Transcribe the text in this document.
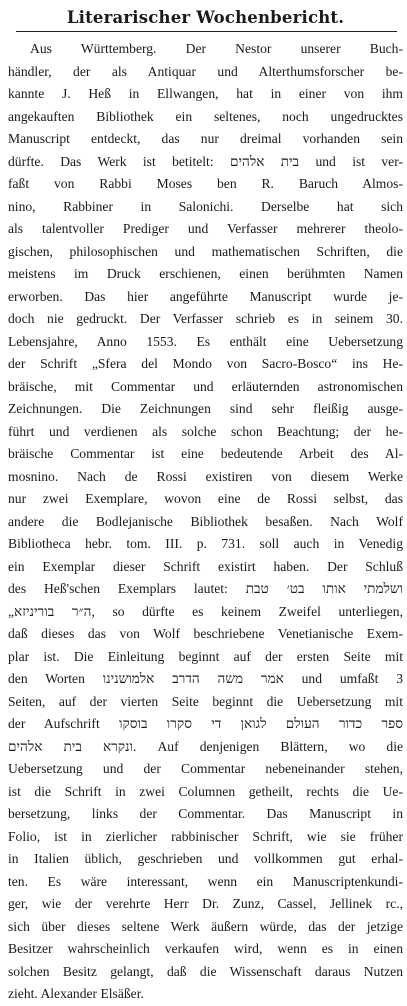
Literarischer Wochenbericht.
Aus Württemberg. Der Nestor unserer Buch-
händler, der als Antiquar und Alterthumsforscher be-
kannte J. Heß in Ellwangen, hat in einer von ihm
angekauften Bibliothek ein seltenes, noch ungedrucktes
Manuscript entdeckt, das nur dreimal vorhanden sein
dürfte. Das Werk ist betitelt: בית אלהים und ist ver-
faßt von Rabbi Moses ben R. Baruch Almos-
nino, Rabbiner in Salonichi. Derselbe hat sich
als talentvoller Prediger und Verfasser mehrerer theolo-
gischen, philosophischen und mathematischen Schriften, die
meistens im Druck erschienen, einen berühmten Namen
erworben. Das hier angeführte Manuscript wurde je-
doch nie gedruckt. Der Verfasser schrieb es in seinem 30.
Lebensjahre, Anno 1553. Es enthält eine Uebersetzung
der Schrift „Sfera del Mondo von Sacro-Bosco“ ins He-
bräische, mit Commentar und erläuternden astronomischen
Zeichnungen. Die Zeichnungen sind sehr fleißig ausge-
führt und verdienen als solche schon Beachtung; der he-
bräische Commentar ist eine bedeutende Arbeit des Al-
mosnino. Nach de Rossi existiren von diesem Werke
nur zwei Exemplare, wovon eine de Rossi selbst, das
andere die Bodlejanische Bibliothek besaßen. Nach Wolf
Bibliotheca hebr. tom. III. p. 731. soll auch in Venedig
ein Exemplar dieser Schrift existirt haben. Der Schluß
des Heß'schen Exemplars lautet: ושלמתי אותו בט׳ טבת
„ה״ר בוריניזא, so dürfte es keinem Zweifel unterliegen,
daß dieses das von Wolf beschriebene Venetianische Exem-
plar ist. Die Einleitung beginnt auf der ersten Seite mit
den Worten אמר משה הדרב אלמושנינו und umfaßt 3
Seiten, auf der vierten Seite beginnt die Uebersetzung mit
der Aufschrift ספר כדור העולם לגואן די סקרו בוסקו
ונקרא בית אלהים. Auf denjenigen Blättern, wo die
Uebersetzung und der Commentar nebeneinander stehen,
ist die Schrift in zwei Columnen getheilt, rechts die Ue-
bersetzung, links der Commentar. Das Manuscript in
Folio, ist in zierlicher rabbinischer Schrift, wie sie früher
in Italien üblich, geschrieben und vollkommen gut erhal-
ten. Es wäre interessant, wenn ein Manuscriptenkundi-
ger, wie der verehrte Herr Dr. Zunz, Cassel, Jellinek rc.,
sich über dieses seltene Werk äußern würde, das der jetzige
Besitzer wahrscheinlich verkaufen wird, wenn es in einen
solchen Besitz gelangt, daß die Wissenschaft daraus Nutzen
zieht. Alexander Elsäßer.
